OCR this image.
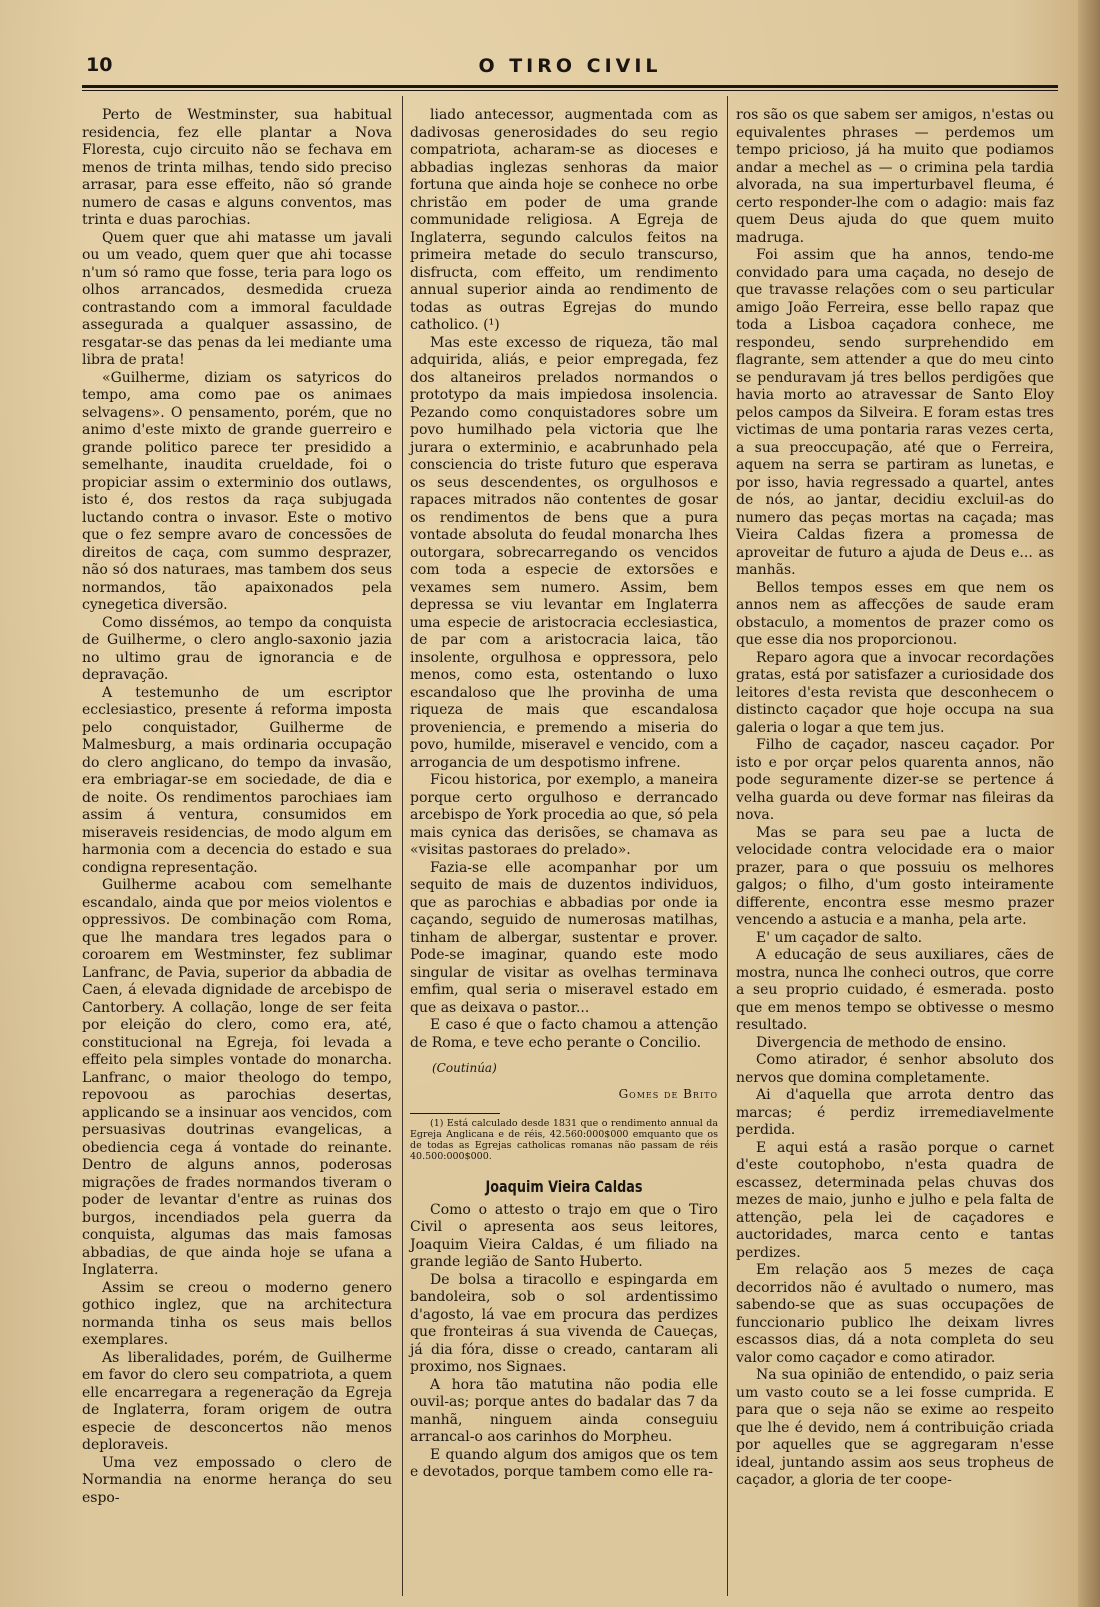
10	O TIRO CIVIL

Perto de Westminster, sua habitual residencia, fez elle plantar a Nova Floresta, cujo circuito não se fechava em menos de trinta milhas, tendo sido preciso arrasar, para esse effeito, não só grande numero de casas e alguns conventos, mas trinta e duas parochias.

Quem quer que ahi matasse um javali ou um veado, quem quer que ahi tocasse n'um só ramo que fosse, teria para logo os olhos arrancados, desmedida crueza contrastando com a immoral faculdade assegurada a qualquer assassino, de resgatar-se das penas da lei mediante uma libra de prata!

«Guilherme, diziam os satyricos do tempo, ama como pae os animaes selvagens». O pensamento, porém, que no animo d'este mixto de grande guerreiro e grande politico parece ter presidido a semelhante, inaudita crueldade, foi o propiciar assim o exterminio dos outlaws, isto é, dos restos da raça subjugada luctando contra o invasor. Este o motivo que o fez sempre avaro de concessões de direitos de caça, com summo desprazer, não só dos naturaes, mas tambem dos seus normandos, tão apaixonados pela cynegetica diversão.

Como dissémos, ao tempo da conquista de Guilherme, o clero anglo-saxonio jazia no ultimo grau de ignorancia e de depravação.

A testemunho de um escriptor ecclesiastico, presente á reforma imposta pelo conquistador, Guilherme de Malmesburg, a mais ordinaria occupação do clero anglicano, do tempo da invasão, era embriagar-se em sociedade, de dia e de noite. Os rendimentos parochiaes iam assim á ventura, consumidos em miseraveis residencias, de modo algum em harmonia com a decencia do estado e sua condigna representação.

Guilherme acabou com semelhante escandalo, ainda que por meios violentos e oppressivos. De combinação com Roma, que lhe mandara tres legados para o coroarem em Westminster, fez sublimar Lanfranc, de Pavia, superior da abbadia de Caen, á elevada dignidade de arcebispo de Cantorbery. A collação, longe de ser feita por eleição do clero, como era, até, constitucional na Egreja, foi levada a effeito pela simples vontade do monarcha. Lanfranc, o maior theologo do tempo, repovoou as parochias desertas, applicando se a insinuar aos vencidos, com persuasivas doutrinas evangelicas, a obediencia cega á vontade do reinante. Dentro de alguns annos, poderosas migrações de frades normandos tiveram o poder de levantar d'entre as ruinas dos burgos, incendiados pela guerra da conquista, algumas das mais famosas abbadias, de que ainda hoje se ufana a Inglaterra.

Assim se creou o moderno genero gothico inglez, que na architectura normanda tinha os seus mais bellos exemplares.

As liberalidades, porém, de Guilherme em favor do clero seu compatriota, a quem elle encarregara a regeneração da Egreja de Inglaterra, foram origem de outra especie de desconcertos não menos deploraveis.

Uma vez empossado o clero de Normandia na enorme herança do seu espo-

liado antecessor, augmentada com as dadivosas generosidades do seu regio compatriota, acharam-se as dioceses e abbadias inglezas senhoras da maior fortuna que ainda hoje se conhece no orbe christão em poder de uma grande communidade religiosa. A Egreja de Inglaterra, segundo calculos feitos na primeira metade do seculo transcurso, disfructa, com effeito, um rendimento annual superior ainda ao rendimento de todas as outras Egrejas do mundo catholico. (¹)

Mas este excesso de riqueza, tão mal adquirida, aliás, e peior empregada, fez dos altaneiros prelados normandos o prototypo da mais impiedosa insolencia. Pezando como conquistadores sobre um povo humilhado pela victoria que lhe jurara o exterminio, e acabrunhado pela consciencia do triste futuro que esperava os seus descendentes, os orgulhosos e rapaces mitrados não contentes de gosar os rendimentos de bens que a pura vontade absoluta do feudal monarcha lhes outorgara, sobrecarregando os vencidos com toda a especie de extorsões e vexames sem numero. Assim, bem depressa se viu levantar em Inglaterra uma especie de aristocracia ecclesiastica, de par com a aristocracia laica, tão insolente, orgulhosa e oppressora, pelo menos, como esta, ostentando o luxo escandaloso que lhe provinha de uma riqueza de mais que escandalosa proveniencia, e premendo a miseria do povo, humilde, miseravel e vencido, com a arrogancia de um despotismo infrene.

Ficou historica, por exemplo, a maneira porque certo orgulhoso e derrancado arcebispo de York procedia ao que, só pela mais cynica das derisões, se chamava as «visitas pastoraes do prelado».

Fazia-se elle acompanhar por um sequito de mais de duzentos individuos, que as parochias e abbadias por onde ia caçando, seguido de numerosas matilhas, tinham de albergar, sustentar e prover. Pode-se imaginar, quando este modo singular de visitar as ovelhas terminava emfim, qual seria o miseravel estado em que as deixava o pastor...

E caso é que o facto chamou a attenção de Roma, e teve echo perante o Concilio.

(Coutinúa)
Gomes de Brito

(1) Está calculado desde 1831 que o rendimento annual da Egreja Anglicana e de réis, 42.560:000$000 emquanto que os de todas as Egrejas catholicas romanas não passam de réis 40.500:000$000.

Joaquim Vieira Caldas

Como o attesto o trajo em que o Tiro Civil o apresenta aos seus leitores, Joaquim Vieira Caldas, é um filiado na grande legião de Santo Huberto.

De bolsa a tiracollo e espingarda em bandoleira, sob o sol ardentissimo d'agosto, lá vae em procura das perdizes que fronteiras á sua vivenda de Caueças, já dia fóra, disse o creado, cantaram ali proximo, nos Signaes.

A hora tão matutina não podia elle ouvil-as; porque antes do badalar das 7 da manhã, ninguem ainda conseguiu arrancal-o aos carinhos do Morpheu.

E quando algum dos amigos que os tem e devotados, porque tambem como elle ra-

ros são os que sabem ser amigos, n'estas ou equivalentes phrases — perdemos um tempo pricioso, já ha muito que podiamos andar a mechel as — o crimina pela tardia alvorada, na sua imperturbavel fleuma, é certo responder-lhe com o adagio: mais faz quem Deus ajuda do que quem muito madruga.

Foi assim que ha annos, tendo-me convidado para uma caçada, no desejo de que travasse relações com o seu particular amigo João Ferreira, esse bello rapaz que toda a Lisboa caçadora conhece, me respondeu, sendo surprehendido em flagrante, sem attender a que do meu cinto se penduravam já tres bellos perdigões que havia morto ao atravessar de Santo Eloy pelos campos da Silveira. E foram estas tres victimas de uma pontaria raras vezes certa, a sua preoccupação, até que o Ferreira, aquem na serra se partiram as lunetas, e por isso, havia regressado a quartel, antes de nós, ao jantar, decidiu excluil-as do numero das peças mortas na caçada; mas Vieira Caldas fizera a promessa de aproveitar de futuro a ajuda de Deus e... as manhãs.

Bellos tempos esses em que nem os annos nem as affecções de saude eram obstaculo, a momentos de prazer como os que esse dia nos proporcionou.

Reparo agora que a invocar recordações gratas, está por satisfazer a curiosidade dos leitores d'esta revista que desconhecem o distincto caçador que hoje occupa na sua galeria o logar a que tem jus.

Filho de caçador, nasceu caçador. Por isto e por orçar pelos quarenta annos, não pode seguramente dizer-se se pertence á velha guarda ou deve formar nas fileiras da nova.

Mas se para seu pae a lucta de velocidade contra velocidade era o maior prazer, para o que possuiu os melhores galgos; o filho, d'um gosto inteiramente differente, encontra esse mesmo prazer vencendo a astucia e a manha, pela arte.

E' um caçador de salto.

A educação de seus auxiliares, cães de mostra, nunca lhe conheci outros, que corre a seu proprio cuidado, é esmerada. posto que em menos tempo se obtivesse o mesmo resultado.

Divergencia de methodo de ensino.

Como atirador, é senhor absoluto dos nervos que domina completamente.

Ai d'aquella que arrota dentro das marcas; é perdiz irremediavelmente perdida.

E aqui está a rasão porque o carnet d'este coutophobo, n'esta quadra de escassez, determinada pelas chuvas dos mezes de maio, junho e julho e pela falta de attenção, pela lei de caçadores e auctoridades, marca cento e tantas perdizes.

Em relação aos 5 mezes de caça decorridos não é avultado o numero, mas sabendo-se que as suas occupações de funccionario publico lhe deixam livres escassos dias, dá a nota completa do seu valor como caçador e como atirador.

Na sua opinião de entendido, o paiz seria um vasto couto se a lei fosse cumprida. E para que o seja não se exime ao respeito que lhe é devido, nem á contribuição criada por aquelles que se aggregaram n'esse ideal, juntando assim aos seus tropheus de caçador, a gloria de ter coope-
